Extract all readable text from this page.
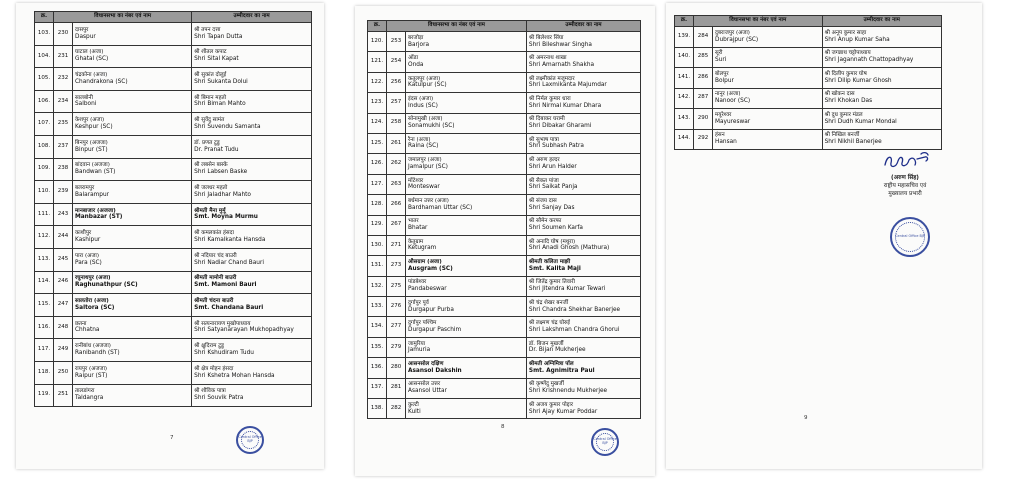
क्र.	विधानसभा का नंबर एवं नाम		उम्मीदवार का नाम
103.	230	दासपुर
Daspur	श्री तपन दत्ता
Shri Tapan Dutta

104.	231	घाटाल (अजा)
Ghatal (SC)	श्री शीतल कपाट
Shri Sital Kapat

105.	232	चंद्रकोना (अजा)
Chandrakona (SC)	श्री सुकांत दोलुई
Shri Sukanta Dolui

106.	234	सालबोनी
Salboni	श्री बिमान महतो
Shri Biman Mahto

107.	235	केशपुर (अजा)
Keshpur (SC)	श्री सुवेंदु सामंत
Shri Suvendu Samanta

108.	237	बिनपुर (अजजा)
Binpur (ST)	डॉ. प्रणत टुडु
Dr. Pranat Tudu

109.	238	बांदवान (अजजा)
Bandwan (ST)	श्री लबसेन बास्के
Shri Labsen Baske

110.	239	बलरामपुर
Balarampur	श्री जलधर महतो
Shri Jaladhar Mahto

111.	243	मानबाजार (अजजा)
Manbazar (ST)	श्रीमती मैना मुर्मू
Smt. Moyna Murmu

112.	244	काशीपुर
Kashipur	श्री कमलकांत हंसदा
Shri Kamalkanta Hansda

113.	245	पारा (अजा)
Para (SC)	श्री नदियार चंद बाउरी
Shri Nadiar Chand Bauri

114.	246	रघुनाथपुर (अजा)
Raghunathpur (SC)	श्रीमती मामोनी बाउरी
Smt. Mamoni Bauri

115.	247	सालतोरा (अजा)
Saltora (SC)	श्रीमती चंदना बाउरी
Smt. Chandana Bauri

116.	248	छतना
Chhatna	श्री सत्यनारायण मुखोपाध्याय
Shri Satyanarayan Mukhopadhyay

117.	249	रानीबांध (अजजा)
Ranibandh (ST)	श्री क्षुदिराम टुडु
Shri Kshudiram Tudu

118.	250	रायपुर (अजजा)
Raipur (ST)	श्री क्षेत्र मोहन हंसदा
Shri Kshetra Mohan Hansda

119.	251	तालडांगरा
Taldangra	श्री शौविक पात्रा
Shri Souvik Patra
7	Central Office BJP
क्र.	विधानसभा का नंबर एवं नाम		उम्मीदवार का नाम
120.	253	बरजोड़ा
Barjora	श्री बिलेश्वर सिंघा
Shri Bileshwar Singha

121.	254	ओंडा
Onda	श्री अमरनाथ शाखा
Shri Amarnath Shakha

122.	256	कतुलपुर (अजा)
Katulpur (SC)	श्री लक्ष्मीकांत मजूमदार
Shri Laxmikanta Majumdar

123.	257	इंदस (अजा)
Indus (SC)	श्री निर्मल कुमार धारा
Shri Nirmal Kumar Dhara

124.	258	सोनामुखी (अजा)
Sonamukhi (SC)	श्री दिबाकर घरामी
Shri Dibakar Gharami

125.	261	रैना (अजा)
Raina (SC)	श्री सुभाष पात्रा
Shri Subhash Patra

126.	262	जमालपुर (अजा)
Jamalpur (SC)	श्री अरुण हल्दर
Shri Arun Halder

127.	263	मोंटेश्वर
Monteswar	श्री सैकत पांजा
Shri Saikat Panja

128.	266	बर्धमान उत्तर (अजा)
Bardhaman Uttar (SC)	श्री संजय दास
Shri Sanjay Das

129.	267	भातर
Bhatar	श्री सौमेन करफा
Shri Soumen Karfa

130.	271	केतुग्राम
Ketugram	श्री अनादि घोष (मथुरा)
Shri Anadi Ghosh (Mathura)

131.	273	औसग्राम (अजा)
Ausgram (SC)	श्रीमती कलिता माझी
Smt. Kalita Maji

132.	275	पांडबेश्वर
Pandabeswar	श्री जितेंद्र कुमार तिवारी
Shri Jitendra Kumar Tewari

133.	276	दुर्गापुर पूर्व
Durgapur Purba	श्री चंद्र शेखर बनर्जी
Shri Chandra Shekhar Banerjee

134.	277	दुर्गापुर पश्चिम
Durgapur Paschim	श्री लक्ष्मण चंद्र घोरुई
Shri Lakshman Chandra Ghorui

135.	279	जामुरिया
Jamuria	डॉ. बिजन मुखर्जी
Dr. Bijan Mukherjee

136.	280	आसनसोल दक्षिण
Asansol Dakshin	श्रीमती अग्निमित्रा पॉल
Smt. Agnimitra Paul

137.	281	आसनसोल उत्तर
Asansol Uttar	श्री कृष्णेंदु मुखर्जी
Shri Krishnendu Mukherjee

138.	282	कुल्टी
Kulti	श्री अजय कुमार पोद्दार
Shri Ajay Kumar Poddar
8
Central Office BJP
क्र.	विधानसभा का नंबर एवं नाम		उम्मीदवार का नाम
139.	284	दुबराजपुर (अजा)
Dubrajpur (SC)	श्री अनूप कुमार साहा
Shri Anup Kumar Saha

140.	285	सूरी
Suri	श्री जगन्नाथ चट्टोपाध्याय
Shri Jagannath Chattopadhyay

141.	286	बोलपुर
Bolpur	श्री दिलीप कुमार घोष
Shri Dilip Kumar Ghosh

142.	287	नानूर (अजा)
Nanoor (SC)	श्री खोकन दास
Shri Khokan Das

143.	290	मयूरेश्वर
Mayureswar	श्री दुध कुमार मंडल
Shri Dudh Kumar Mondal

144.	292	हंसन
Hansan	श्री निखिल बनर्जी
Shri Nikhil Banerjee
(अरुण सिंह)
राष्ट्रीय महासचिव एवं
मुख्यालय प्रभारी
Central Office BJP
9
